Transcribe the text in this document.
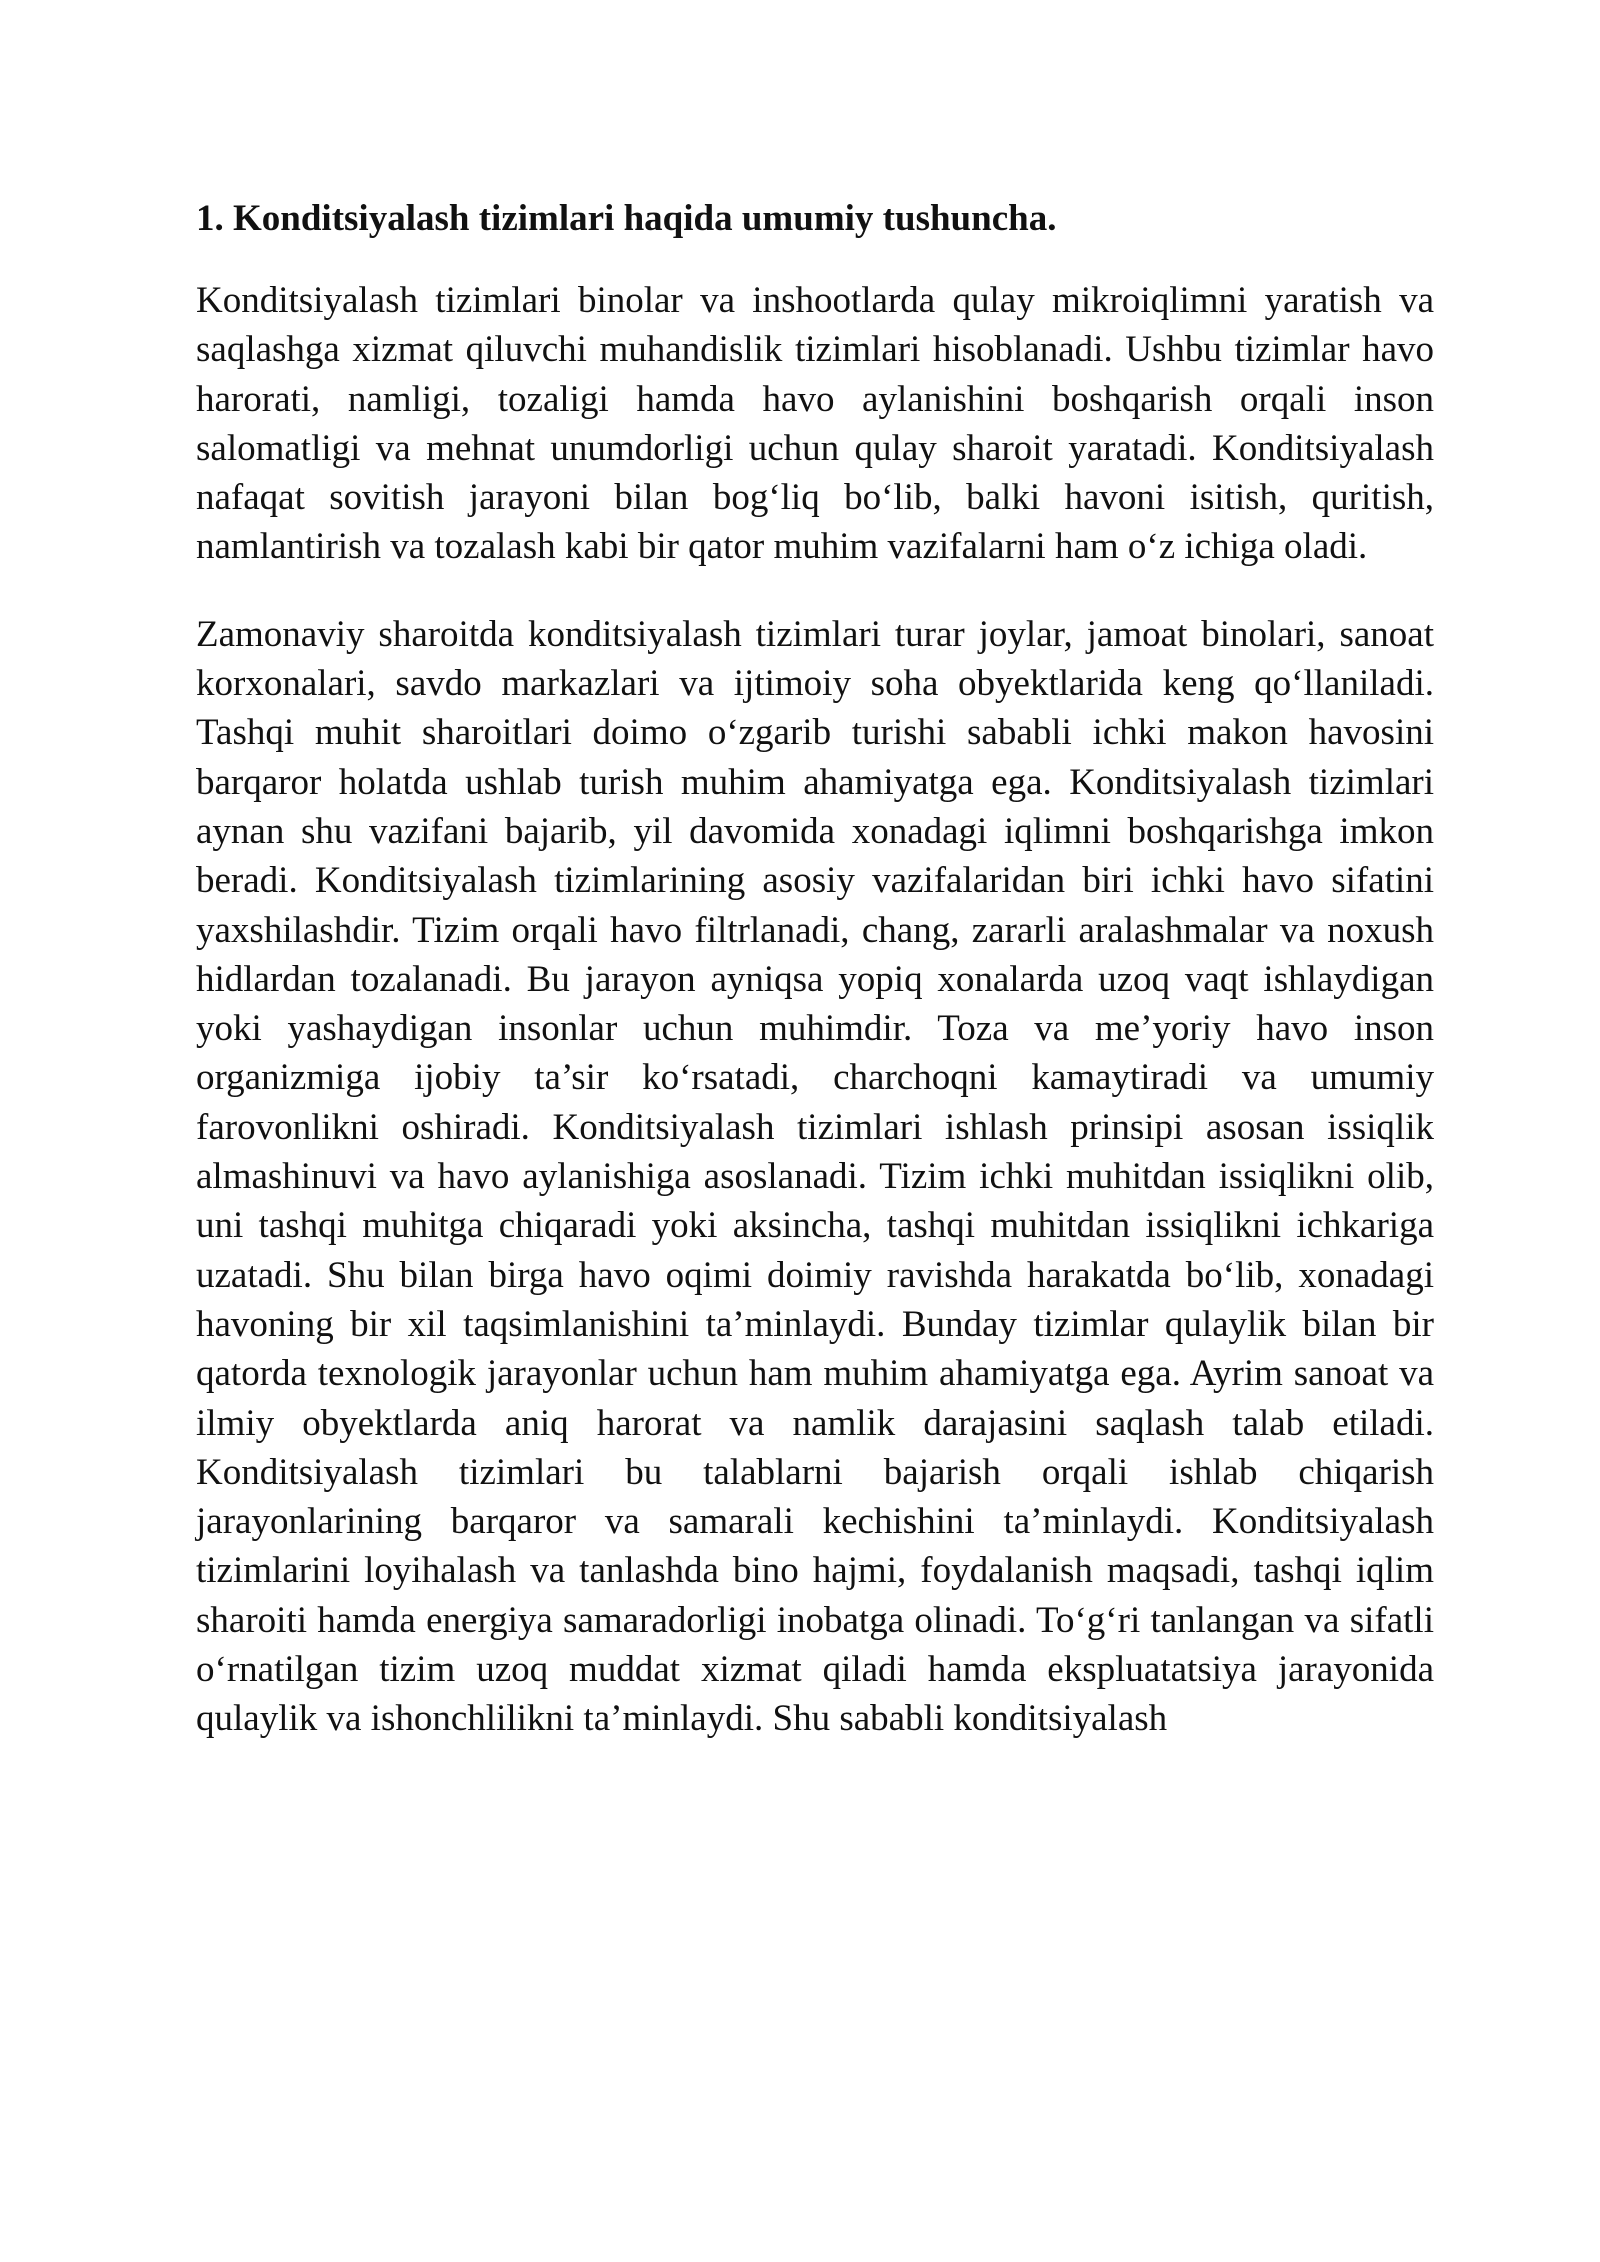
1. Konditsiyalash tizimlari haqida umumiy tushuncha.

Konditsiyalash tizimlari binolar va inshootlarda qulay mikroiqlimni yaratish va saqlashga xizmat qiluvchi muhandislik tizimlari hisoblanadi. Ushbu tizimlar havo harorati, namligi, tozaligi hamda havo aylanishini boshqarish orqali inson salomatligi va mehnat unumdorligi uchun qulay sharoit yaratadi. Konditsiyalash nafaqat sovitish jarayoni bilan bog‘liq bo‘lib, balki havoni isitish, quritish, namlantirish va tozalash kabi bir qator muhim vazifalarni ham o‘z ichiga oladi.

Zamonaviy sharoitda konditsiyalash tizimlari turar joylar, jamoat binolari, sanoat korxonalari, savdo markazlari va ijtimoiy soha obyektlarida keng qo‘llaniladi. Tashqi muhit sharoitlari doimo o‘zgarib turishi sababli ichki makon havosini barqaror holatda ushlab turish muhim ahamiyatga ega. Konditsiyalash tizimlari aynan shu vazifani bajarib, yil davomida xonadagi iqlimni boshqarishga imkon beradi. Konditsiyalash tizimlarining asosiy vazifalaridan biri ichki havo sifatini yaxshilashdir. Tizim orqali havo filtrlanadi, chang, zararli aralashmalar va noxush hidlardan tozalanadi. Bu jarayon ayniqsa yopiq xonalarda uzoq vaqt ishlaydigan yoki yashaydigan insonlar uchun muhimdir. Toza va me’yoriy havo inson organizmiga ijobiy ta’sir ko‘rsatadi, charchoqni kamaytiradi va umumiy farovonlikni oshiradi. Konditsiyalash tizimlari ishlash prinsipi asosan issiqlik almashinuvi va havo aylanishiga asoslanadi. Tizim ichki muhitdan issiqlikni olib, uni tashqi muhitga chiqaradi yoki aksincha, tashqi muhitdan issiqlikni ichkariga uzatadi. Shu bilan birga havo oqimi doimiy ravishda harakatda bo‘lib, xonadagi havoning bir xil taqsimlanishini ta’minlaydi. Bunday tizimlar qulaylik bilan bir qatorda texnologik jarayonlar uchun ham muhim ahamiyatga ega. Ayrim sanoat va ilmiy obyektlarda aniq harorat va namlik darajasini saqlash talab etiladi. Konditsiyalash tizimlari bu talablarni bajarish orqali ishlab chiqarish jarayonlarining barqaror va samarali kechishini ta’minlaydi. Konditsiyalash tizimlarini loyihalash va tanlashda bino hajmi, foydalanish maqsadi, tashqi iqlim sharoiti hamda energiya samaradorligi inobatga olinadi. To‘g‘ri tanlangan va sifatli o‘rnatilgan tizim uzoq muddat xizmat qiladi hamda ekspluatatsiya jarayonida qulaylik va ishonchlilikni ta’minlaydi. Shu sababli konditsiyalash
